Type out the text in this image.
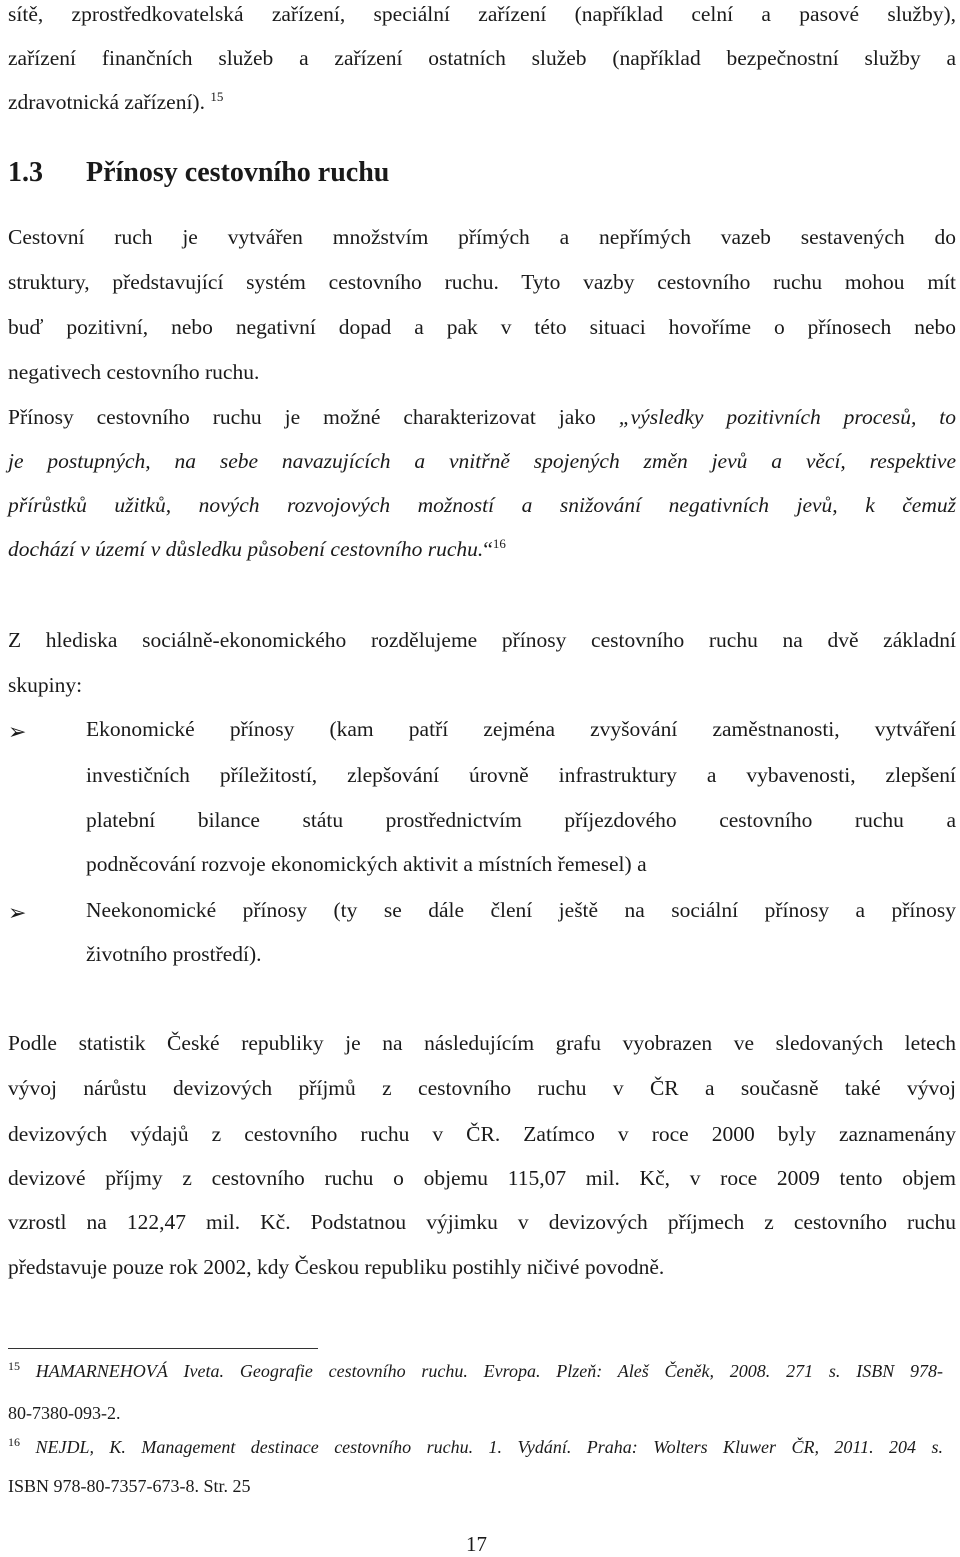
sítě, zprostředkovatelská zařízení, speciální zařízení (například celní a pasové služby),
zařízení finančních služeb a zařízení ostatních služeb (například bezpečnostní služby a
zdravotnická zařízení). $^{15}$
1.3 Přínosy cestovního ruchu
Cestovní ruch je vytvářen množstvím přímých a nepřímých vazeb sestavených do
struktury, představující systém cestovního ruchu. Tyto vazby cestovního ruchu mohou mít
buď pozitivní, nebo negativní dopad a pak v této situaci hovoříme o přínosech nebo
negativech cestovního ruchu.
Přínosy cestovního ruchu je možné charakterizovat jako „výsledky pozitivních procesů, to
je postupných, na sebe navazujících a vnitřně spojených změn jevů a věcí, respektive
přírůstků užitků, nových rozvojových možností a snižování negativních jevů, k čemuž
dochází v území v důsledku působení cestovního ruchu.“$^{16}$
Z hlediska sociálně-ekonomického rozdělujeme přínosy cestovního ruchu na dvě základní
skupiny:
➢	Ekonomické přínosy (kam patří zejména zvyšování zaměstnanosti, vytváření
investičních příležitostí, zlepšování úrovně infrastruktury a vybavenosti, zlepšení
platební bilance státu prostřednictvím příjezdového cestovního ruchu a
podněcování rozvoje ekonomických aktivit a místních řemesel) a
➢	Neekonomické přínosy (ty se dále člení ještě na sociální přínosy a přínosy
životního prostředí).
Podle statistik České republiky je na následujícím grafu vyobrazen ve sledovaných letech
vývoj nárůstu devizových příjmů z cestovního ruchu v ČR a současně také vývoj
devizových výdajů z cestovního ruchu v ČR. Zatímco v roce 2000 byly zaznamenány
devizové příjmy z cestovního ruchu o objemu 115,07 mil. Kč, v roce 2009 tento objem
vzrostl na 122,47 mil. Kč. Podstatnou výjimku v devizových příjmech z cestovního ruchu
představuje pouze rok 2002, kdy Českou republiku postihly ničivé povodně.
$^{15}$ HAMARNEHOVÁ Iveta. Geografie cestovního ruchu. Evropa. Plzeň: Aleš Čeněk, 2008. 271 s. ISBN 978-
80-7380-093-2.
$^{16}$ NEJDL, K. Management destinace cestovního ruchu. 1. Vydání. Praha: Wolters Kluwer ČR, 2011. 204 s.
ISBN 978-80-7357-673-8. Str. 25
17
